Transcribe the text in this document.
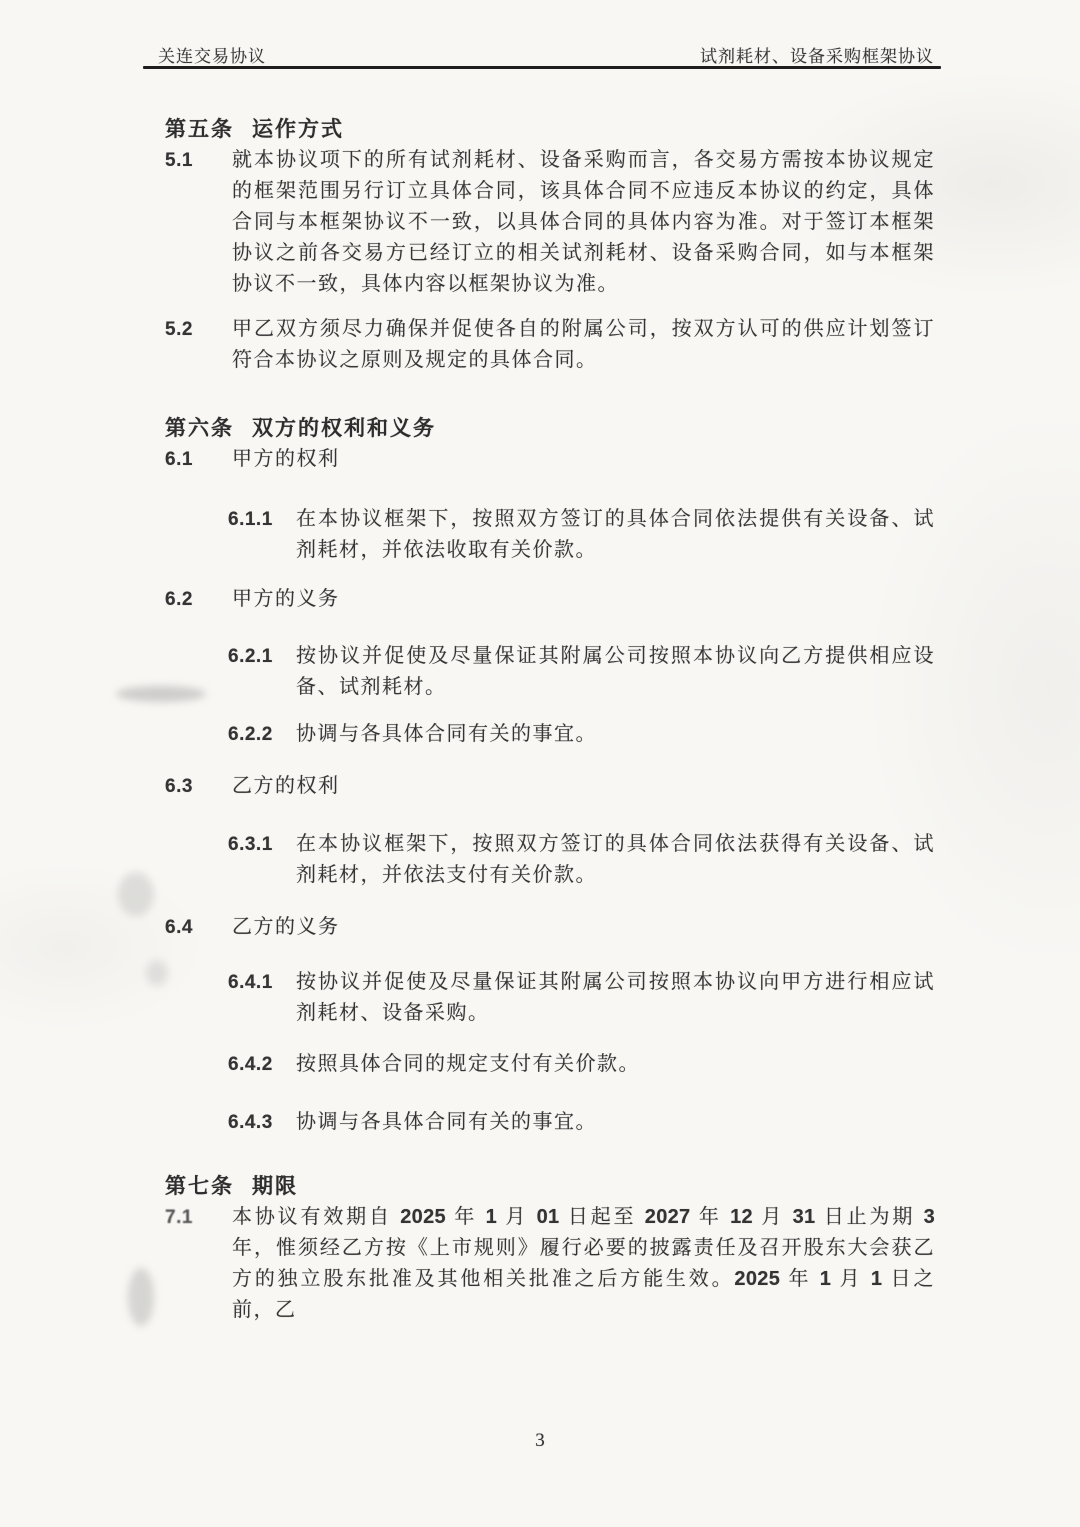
关连交易协议	试剂耗材、设备采购框架协议
第五条 运作方式
5.1	就本协议项下的所有试剂耗材、设备采购而言，各交易方需按本协议规定的框架范围另行订立具体合同，该具体合同不应违反本协议的约定，具体合同与本框架协议不一致，以具体合同的具体内容为准。对于签订本框架协议之前各交易方已经订立的相关试剂耗材、设备采购合同，如与本框架协议不一致，具体内容以框架协议为准。

5.2	甲乙双方须尽力确保并促使各自的附属公司，按双方认可的供应计划签订符合本协议之原则及规定的具体合同。

第六条 双方的权利和义务
6.1	甲方的权利

6.1.1	在本协议框架下，按照双方签订的具体合同依法提供有关设备、试剂耗材，并依法收取有关价款。

6.2	甲方的义务

6.2.1	按协议并促使及尽量保证其附属公司按照本协议向乙方提供相应设备、试剂耗材。

6.2.2	协调与各具体合同有关的事宜。

6.3	乙方的权利

6.3.1	在本协议框架下，按照双方签订的具体合同依法获得有关设备、试剂耗材，并依法支付有关价款。

6.4	乙方的义务

6.4.1	按协议并促使及尽量保证其附属公司按照本协议向甲方进行相应试剂耗材、设备采购。

6.4.2	按照具体合同的规定支付有关价款。

6.4.3	协调与各具体合同有关的事宜。

第七条 期限
7.1	本协议有效期自 2025 年 1 月 01 日起至 2027 年 12 月 31 日止为期 3 年，惟须经乙方按《上市规则》履行必要的披露责任及召开股东大会获乙方的独立股东批准及其他相关批准之后方能生效。2025 年 1 月 1 日之前，乙

3
